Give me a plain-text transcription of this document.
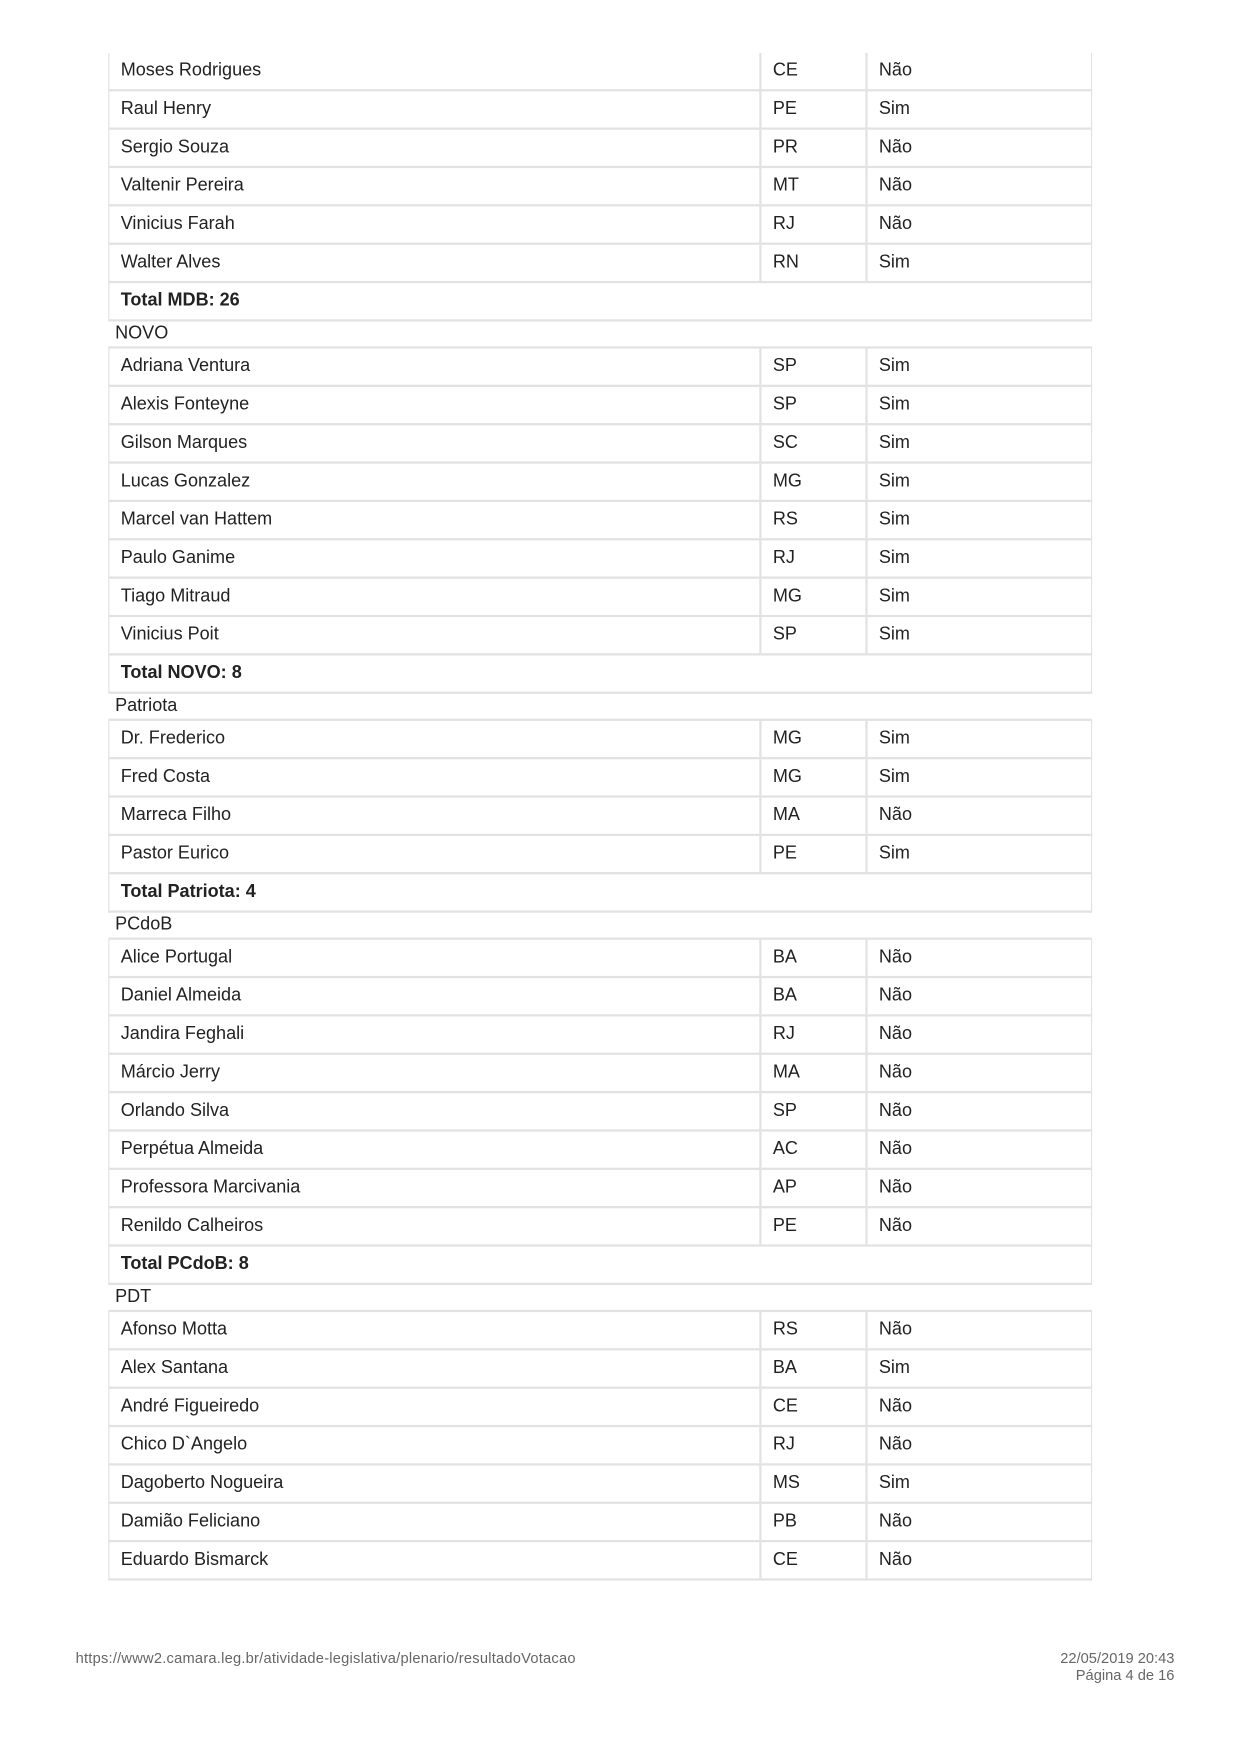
Moses Rodrigues	CE	Não
Raul Henry	PE	Sim
Sergio Souza	PR	Não
Valtenir Pereira	MT	Não
Vinicius Farah	RJ	Não
Walter Alves	RN	Sim
Total MDB: 26
NOVO
Adriana Ventura	SP	Sim
Alexis Fonteyne	SP	Sim
Gilson Marques	SC	Sim
Lucas Gonzalez	MG	Sim
Marcel van Hattem	RS	Sim
Paulo Ganime	RJ	Sim
Tiago Mitraud	MG	Sim
Vinicius Poit	SP	Sim
Total NOVO: 8
Patriota
Dr. Frederico	MG	Sim
Fred Costa	MG	Sim
Marreca Filho	MA	Não
Pastor Eurico	PE	Sim
Total Patriota: 4
PCdoB
Alice Portugal	BA	Não
Daniel Almeida	BA	Não
Jandira Feghali	RJ	Não
Márcio Jerry	MA	Não
Orlando Silva	SP	Não
Perpétua Almeida	AC	Não
Professora Marcivania	AP	Não
Renildo Calheiros	PE	Não
Total PCdoB: 8
PDT
Afonso Motta	RS	Não
Alex Santana	BA	Sim
André Figueiredo	CE	Não
Chico D`Angelo	RJ	Não
Dagoberto Nogueira	MS	Sim
Damião Feliciano	PB	Não
Eduardo Bismarck	CE	Não
https://www2.camara.leg.br/atividade-legislativa/plenario/resultadoVotacao	22/05/2019 20:43
Página 4 de 16
